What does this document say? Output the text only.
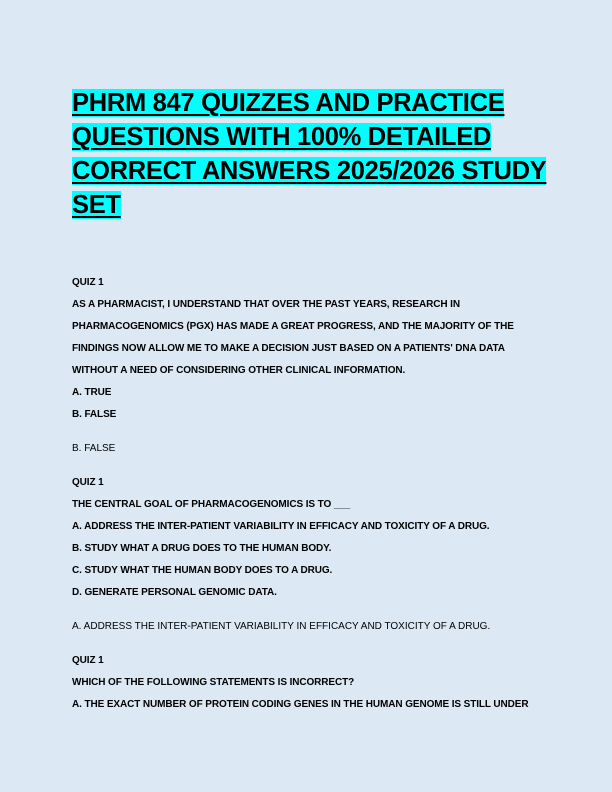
PHRM 847 QUIZZES AND PRACTICE
QUESTIONS WITH 100% DETAILED
CORRECT ANSWERS 2025/2026 STUDY
SET
QUIZ 1
AS A PHARMACIST, I UNDERSTAND THAT OVER THE PAST YEARS, RESEARCH IN
PHARMACOGENOMICS (PGX) HAS MADE A GREAT PROGRESS, AND THE MAJORITY OF THE
FINDINGS NOW ALLOW ME TO MAKE A DECISION JUST BASED ON A PATIENTS' DNA DATA
WITHOUT A NEED OF CONSIDERING OTHER CLINICAL INFORMATION.
A. TRUE
B. FALSE
B. FALSE
QUIZ 1
THE CENTRAL GOAL OF PHARMACOGENOMICS IS TO ___
A. ADDRESS THE INTER-PATIENT VARIABILITY IN EFFICACY AND TOXICITY OF A DRUG.
B. STUDY WHAT A DRUG DOES TO THE HUMAN BODY.
C. STUDY WHAT THE HUMAN BODY DOES TO A DRUG.
D. GENERATE PERSONAL GENOMIC DATA.
A. ADDRESS THE INTER-PATIENT VARIABILITY IN EFFICACY AND TOXICITY OF A DRUG.
QUIZ 1
WHICH OF THE FOLLOWING STATEMENTS IS INCORRECT?
A. THE EXACT NUMBER OF PROTEIN CODING GENES IN THE HUMAN GENOME IS STILL UNDER
